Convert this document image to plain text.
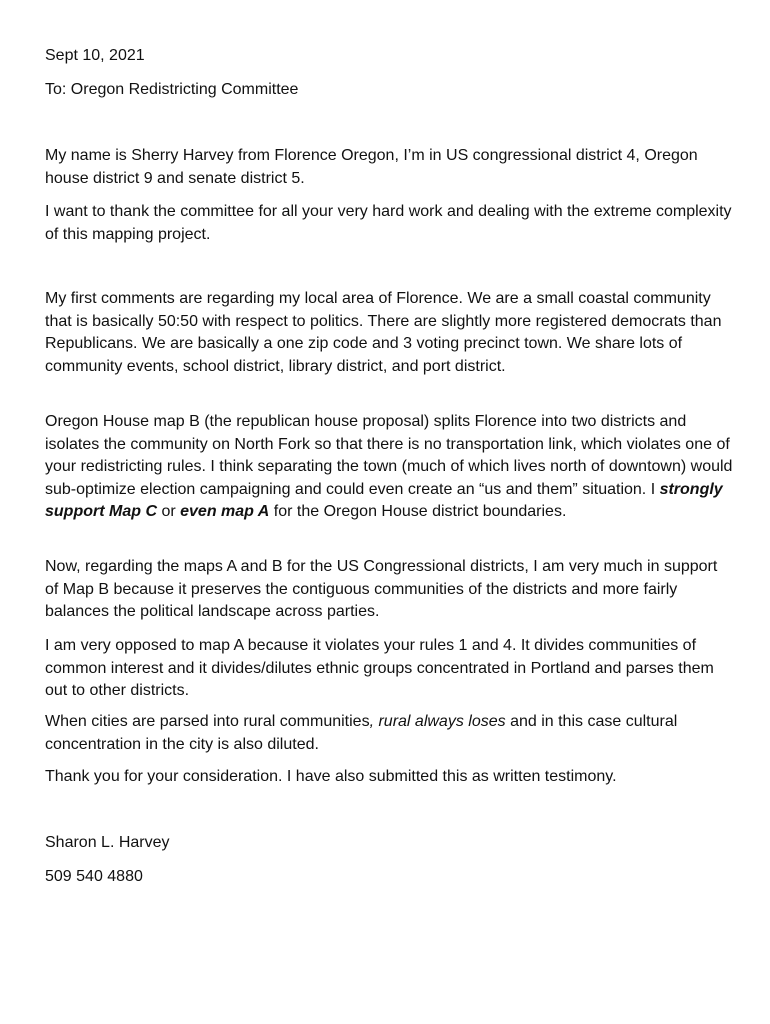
Sept 10, 2021
To: Oregon Redistricting Committee
My name is Sherry Harvey from Florence Oregon, I’m in US congressional district 4, Oregon house district 9 and senate district 5.
I want to thank the committee for all your very hard work and dealing with the extreme complexity of this mapping project.
My first comments are regarding my local area of Florence. We are a small coastal community that is basically 50:50 with respect to politics. There are slightly more registered democrats than Republicans. We are basically a one zip code and 3 voting precinct town. We share lots of community events, school district, library district, and port district.
Oregon House map B (the republican house proposal) splits Florence into two districts and isolates the community on North Fork so that there is no transportation link, which violates one of your redistricting rules. I think separating the town (much of which lives north of downtown) would sub-optimize election campaigning and could even create an “us and them” situation. I strongly support Map C or even map A for the Oregon House district boundaries.
Now, regarding the maps A and B for the US Congressional districts, I am very much in support of Map B because it preserves the contiguous communities of the districts and more fairly balances the political landscape across parties.
I am very opposed to map A because it violates your rules 1 and 4. It divides communities of common interest and it divides/dilutes ethnic groups concentrated in Portland and parses them out to other districts.
When cities are parsed into rural communities, rural always loses and in this case cultural concentration in the city is also diluted.
Thank you for your consideration. I have also submitted this as written testimony.
Sharon L. Harvey
509 540 4880
